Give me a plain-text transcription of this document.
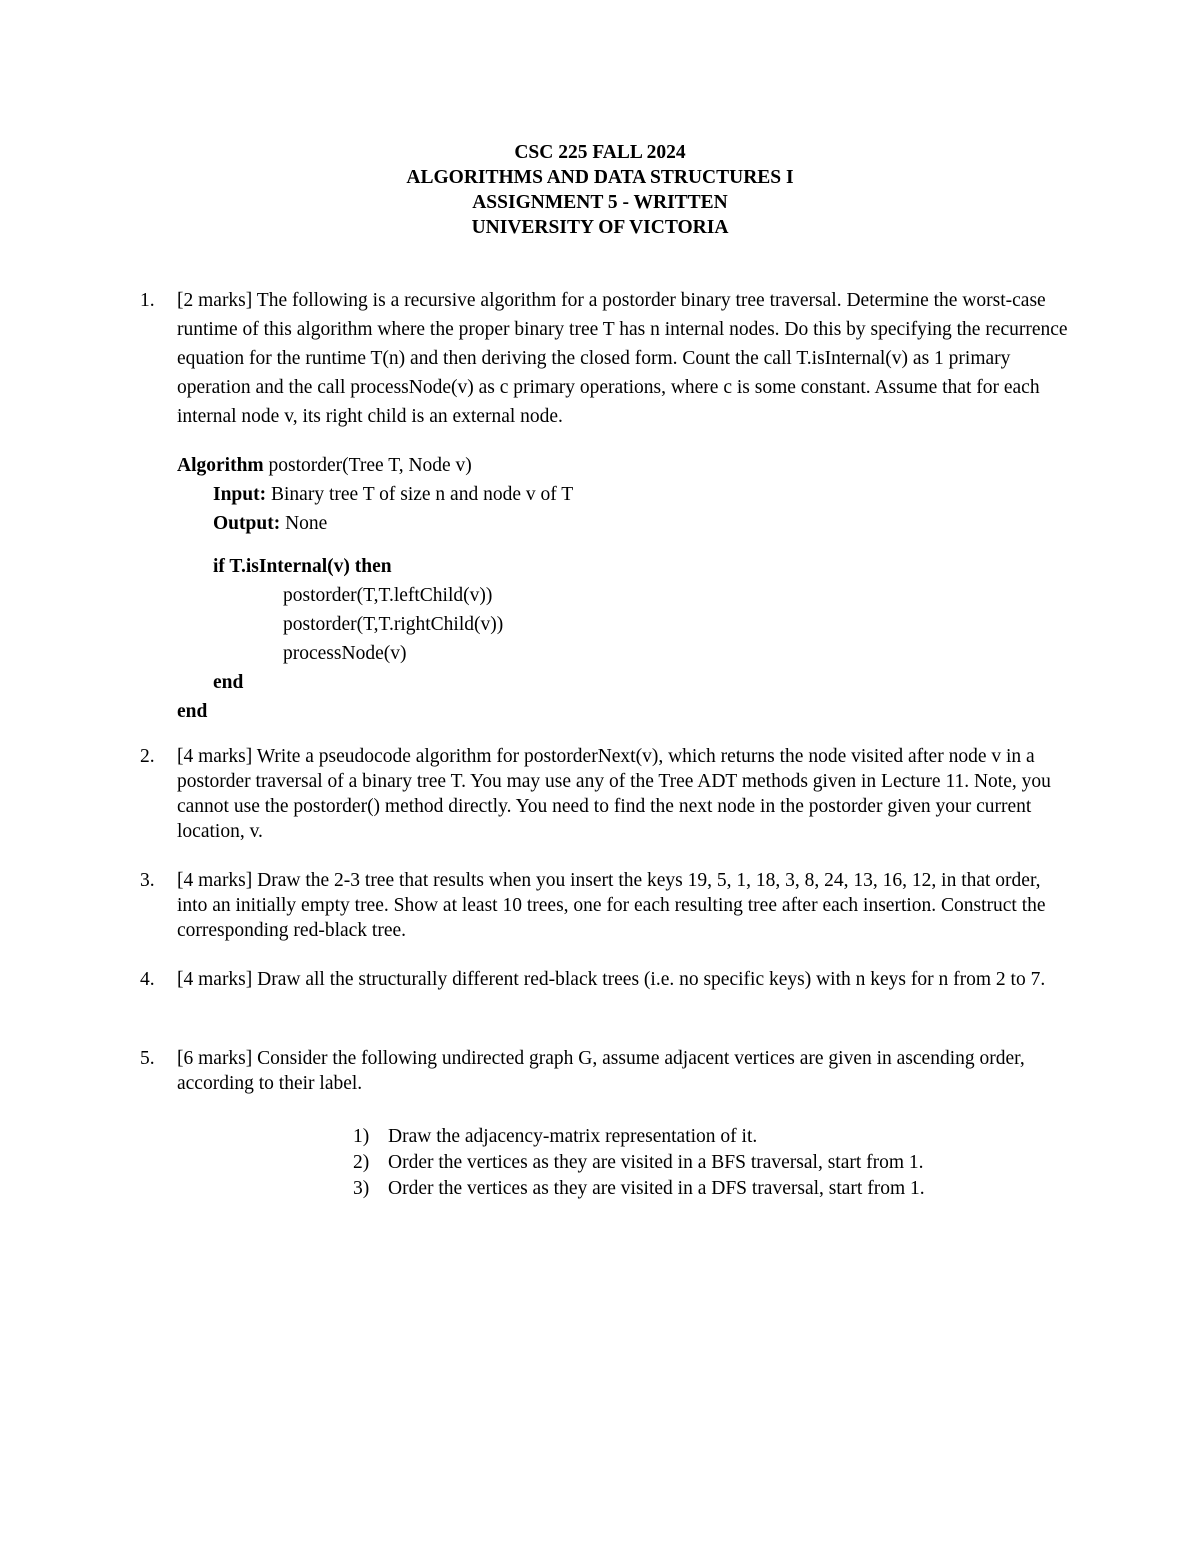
CSC 225 FALL 2024
ALGORITHMS AND DATA STRUCTURES I
ASSIGNMENT 5 - WRITTEN
UNIVERSITY OF VICTORIA
1. [2 marks] The following is a recursive algorithm for a postorder binary tree traversal. Determine the worst-case runtime of this algorithm where the proper binary tree T has n internal nodes. Do this by specifying the recurrence equation for the runtime T(n) and then deriving the closed form. Count the call T.isInternal(v) as 1 primary operation and the call processNode(v) as c primary operations, where c is some constant. Assume that for each internal node v, its right child is an external node.

Algorithm postorder(Tree T, Node v)
Input: Binary tree T of size n and node v of T
Output: None
if T.isInternal(v) then
postorder(T,T.leftChild(v))
postorder(T,T.rightChild(v))
processNode(v)
end
end
2. [4 marks] Write a pseudocode algorithm for postorderNext(v), which returns the node visited after node v in a postorder traversal of a binary tree T. You may use any of the Tree ADT methods given in Lecture 11. Note, you cannot use the postorder() method directly. You need to find the next node in the postorder given your current location, v.

3. [4 marks] Draw the 2-3 tree that results when you insert the keys 19, 5, 1, 18, 3, 8, 24, 13, 16, 12, in that order, into an initially empty tree. Show at least 10 trees, one for each resulting tree after each insertion. Construct the corresponding red-black tree.

4. [4 marks] Draw all the structurally different red-black trees (i.e. no specific keys) with n keys for n from 2 to 7.

5. [6 marks] Consider the following undirected graph G, assume adjacent vertices are given in ascending order, according to their label.

1) Draw the adjacency-matrix representation of it.
2) Order the vertices as they are visited in a BFS traversal, start from 1.
3) Order the vertices as they are visited in a DFS traversal, start from 1.
